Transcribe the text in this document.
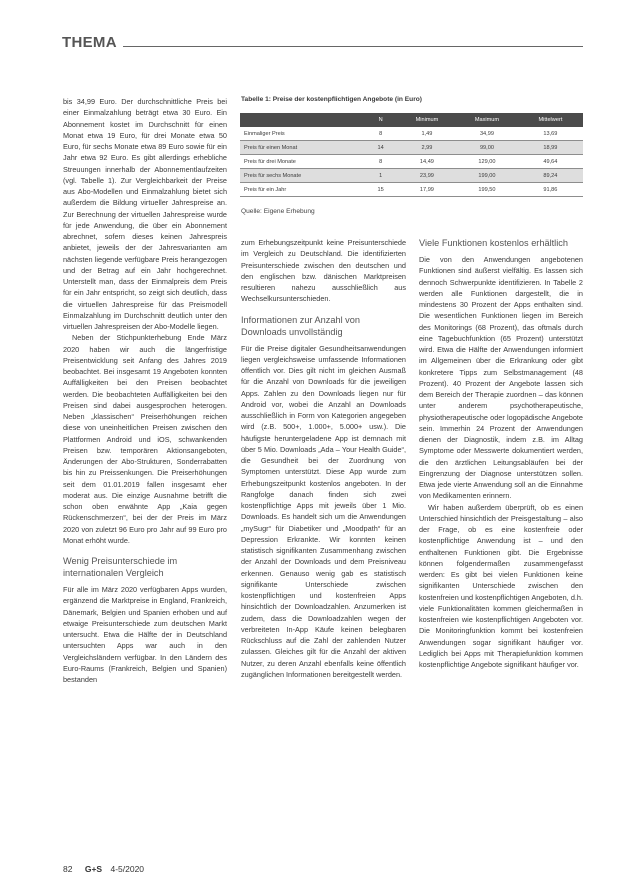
THEMA

bis 34,99 Euro. Der durchschnittliche Preis bei einer Einmalzahlung beträgt etwa 30 Euro. Ein Abonnement kostet im Durchschnitt für einen Monat etwa 19 Euro, für drei Monate etwa 50 Euro, für sechs Monate etwa 89 Euro sowie für ein Jahr etwa 92 Euro. Es gibt allerdings erhebliche Streuungen innerhalb der Abonnementlaufzeiten (vgl. Tabelle 1). Zur Vergleichbarkeit der Preise aus Abo-Modellen und Einmalzahlung bietet sich außerdem die Bildung virtueller Jahrespreise an. Zur Berechnung der virtuellen Jahrespreise wurde für jede Anwendung, die über ein Abonnement abrechnet, sofern dieses keinen Jahrespreis anbietet, jeweils der der Jahresvarianten am nächsten liegende verfügbare Preis herangezogen und der Betrag auf ein Jahr hochgerechnet. Unterstellt man, dass der Einmalpreis dem Preis für ein Jahr entspricht, so zeigt sich deutlich, dass die virtuellen Jahrespreise für das Preismodell Einmalzahlung im Durchschnitt deutlich unter den virtuellen Jahrespreisen der Abo-Modelle liegen.

Neben der Stichpunkterhebung Ende März 2020 haben wir auch die längerfristige Preisentwicklung seit Anfang des Jahres 2019 beobachtet. Bei insgesamt 19 Angeboten konnten Auffälligkeiten bei den Preisen beobachtet werden. Die beobachteten Auffälligkeiten bei den Preisen sind dabei ausgesprochen heterogen. Neben „klassischen“ Preiserhöhungen reichen diese von uneinheitlichen Preisen zwischen den Plattformen Android und iOS, schwankenden Preisen bzw. temporären Aktionsangeboten, Änderungen der Abo-Strukturen, Sonderrabatten bis hin zu Preissenkungen. Die Preiserhöhungen seit dem 01.01.2019 fallen insgesamt eher moderat aus. Die einzige Ausnahme betrifft die schon oben erwähnte App „Kaia gegen Rückenschmerzen“, bei der der Preis im März 2020 von zuletzt 96 Euro pro Jahr auf 99 Euro pro Monat erhöht wurde.

Wenig Preisunterschiede im internationalen Vergleich

Für alle im März 2020 verfügbaren Apps wurden, ergänzend die Marktpreise in England, Frankreich, Dänemark, Belgien und Spanien erhoben und auf etwaige Preisunterschiede zum deutschen Markt untersucht. Etwa die Hälfte der in Deutschland untersuchten Apps war auch in den Vergleichsländern verfügbar. In den Ländern des Euro-Raums (Frankreich, Belgien und Spanien) bestanden

Tabelle 1: Preise der kostenpflichtigen Angebote (in Euro)
	N	Minimum	Maximum	Mittelwert
Einmaliger Preis	8	1,49	34,99	13,69
Preis für einen Monat	14	2,99	99,00	18,99
Preis für drei Monate	8	14,49	129,00	49,64
Preis für sechs Monate	1	23,99	199,00	89,24
Preis für ein Jahr	15	17,99	199,50	91,86
Quelle: Eigene Erhebung

zum Erhebungszeitpunkt keine Preisunterschiede im Vergleich zu Deutschland. Die identifizierten Preisunterschiede zwischen den deutschen und den englischen bzw. dänischen Marktpreisen resultieren nahezu ausschließlich aus Wechselkursunterschieden.

Informationen zur Anzahl von Downloads unvollständig

Für die Preise digitaler Gesundheitsanwendungen liegen vergleichsweise umfassende Informationen öffentlich vor. Dies gilt nicht im gleichen Ausmaß für die Anzahl von Downloads für die jeweiligen Apps. Zahlen zu den Downloads liegen nur für Android vor, wobei die Anzahl an Downloads ausschließlich in Form von Kategorien angegeben wird (z.B. 500+, 1.000+, 5.000+ usw.). Die häufigste heruntergeladene App ist demnach mit über 5 Mio. Downloads „Ada – Your Health Guide“, die Gesundheit bei der Zuordnung von Symptomen unterstützt. Diese App wurde zum Erhebungszeitpunkt kostenlos angeboten. In der Rangfolge danach finden sich zwei kostenpflichtige Apps mit jeweils über 1 Mio. Downloads. Es handelt sich um die Anwendungen „mySugr“ für Diabetiker und „Moodpath“ für an Depression Erkrankte. Wir konnten keinen statistisch signifikanten Zusammenhang zwischen der Anzahl der Downloads und dem Preisniveau erkennen. Genauso wenig gab es statistisch signifikante Unterschiede zwischen kostenpflichtigen und kostenfreien Apps hinsichtlich der Downloadzahlen. Anzumerken ist zudem, dass die Downloadzahlen wegen der verbreiteten In-App Käufe keinen belegbaren Rückschluss auf die Zahl der zahlenden Nutzer zulassen. Gleiches gilt für die Anzahl der aktiven Nutzer, zu deren Anzahl ebenfalls keine öffentlich zugänglichen Informationen bereitgestellt werden.

Viele Funktionen kostenlos erhältlich

Die von den Anwendungen angebotenen Funktionen sind äußerst vielfältig. Es lassen sich dennoch Schwerpunkte identifizieren. In Tabelle 2 werden alle Funktionen dargestellt, die in mindestens 30 Prozent der Apps enthalten sind. Die wesentlichen Funktionen liegen im Bereich des Monitorings (68 Prozent), das oftmals durch eine Tagebuchfunktion (65 Prozent) unterstützt wird. Etwa die Hälfte der Anwendungen informiert im Allgemeinen über die Erkrankung oder gibt konkretere Tipps zum Selbstmanagement (48 Prozent). 40 Prozent der Angebote lassen sich dem Bereich der Therapie zuordnen – das können unter anderem psychotherapeutische, physiotherapeutische oder logopädische Angebote sein. Immerhin 24 Prozent der Anwendungen dienen der Diagnostik, indem z.B. im Alltag Symptome oder Messwerte dokumentiert werden, die den ärztlichen Leitungsabläufen bei der Eingrenzung der Diagnose unterstützen sollen. Etwa jede vierte Anwendung soll an die Einnahme von Medikamenten erinnern.

Wir haben außerdem überprüft, ob es einen Unterschied hinsichtlich der Preisgestaltung – also der Frage, ob es eine kostenfreie oder kostenpflichtige Anwendung ist – und den enthaltenen Funktionen gibt. Die Ergebnisse können folgendermaßen zusammengefasst werden: Es gibt bei vielen Funktionen keine signifikanten Unterschiede zwischen den kostenfreien und kostenpflichtigen Angeboten, d.h. viele Funktionalitäten kommen gleichermaßen in kostenfreien wie kostenpflichtigen Angeboten vor. Die Monitoringfunktion kommt bei kostenfreien Anwendungen sogar signifikant häufiger vor. Lediglich bei Apps mit Therapiefunktion kommen kostenpflichtige Angebote signifikant häufiger vor.

82 G+S 4-5/2020
